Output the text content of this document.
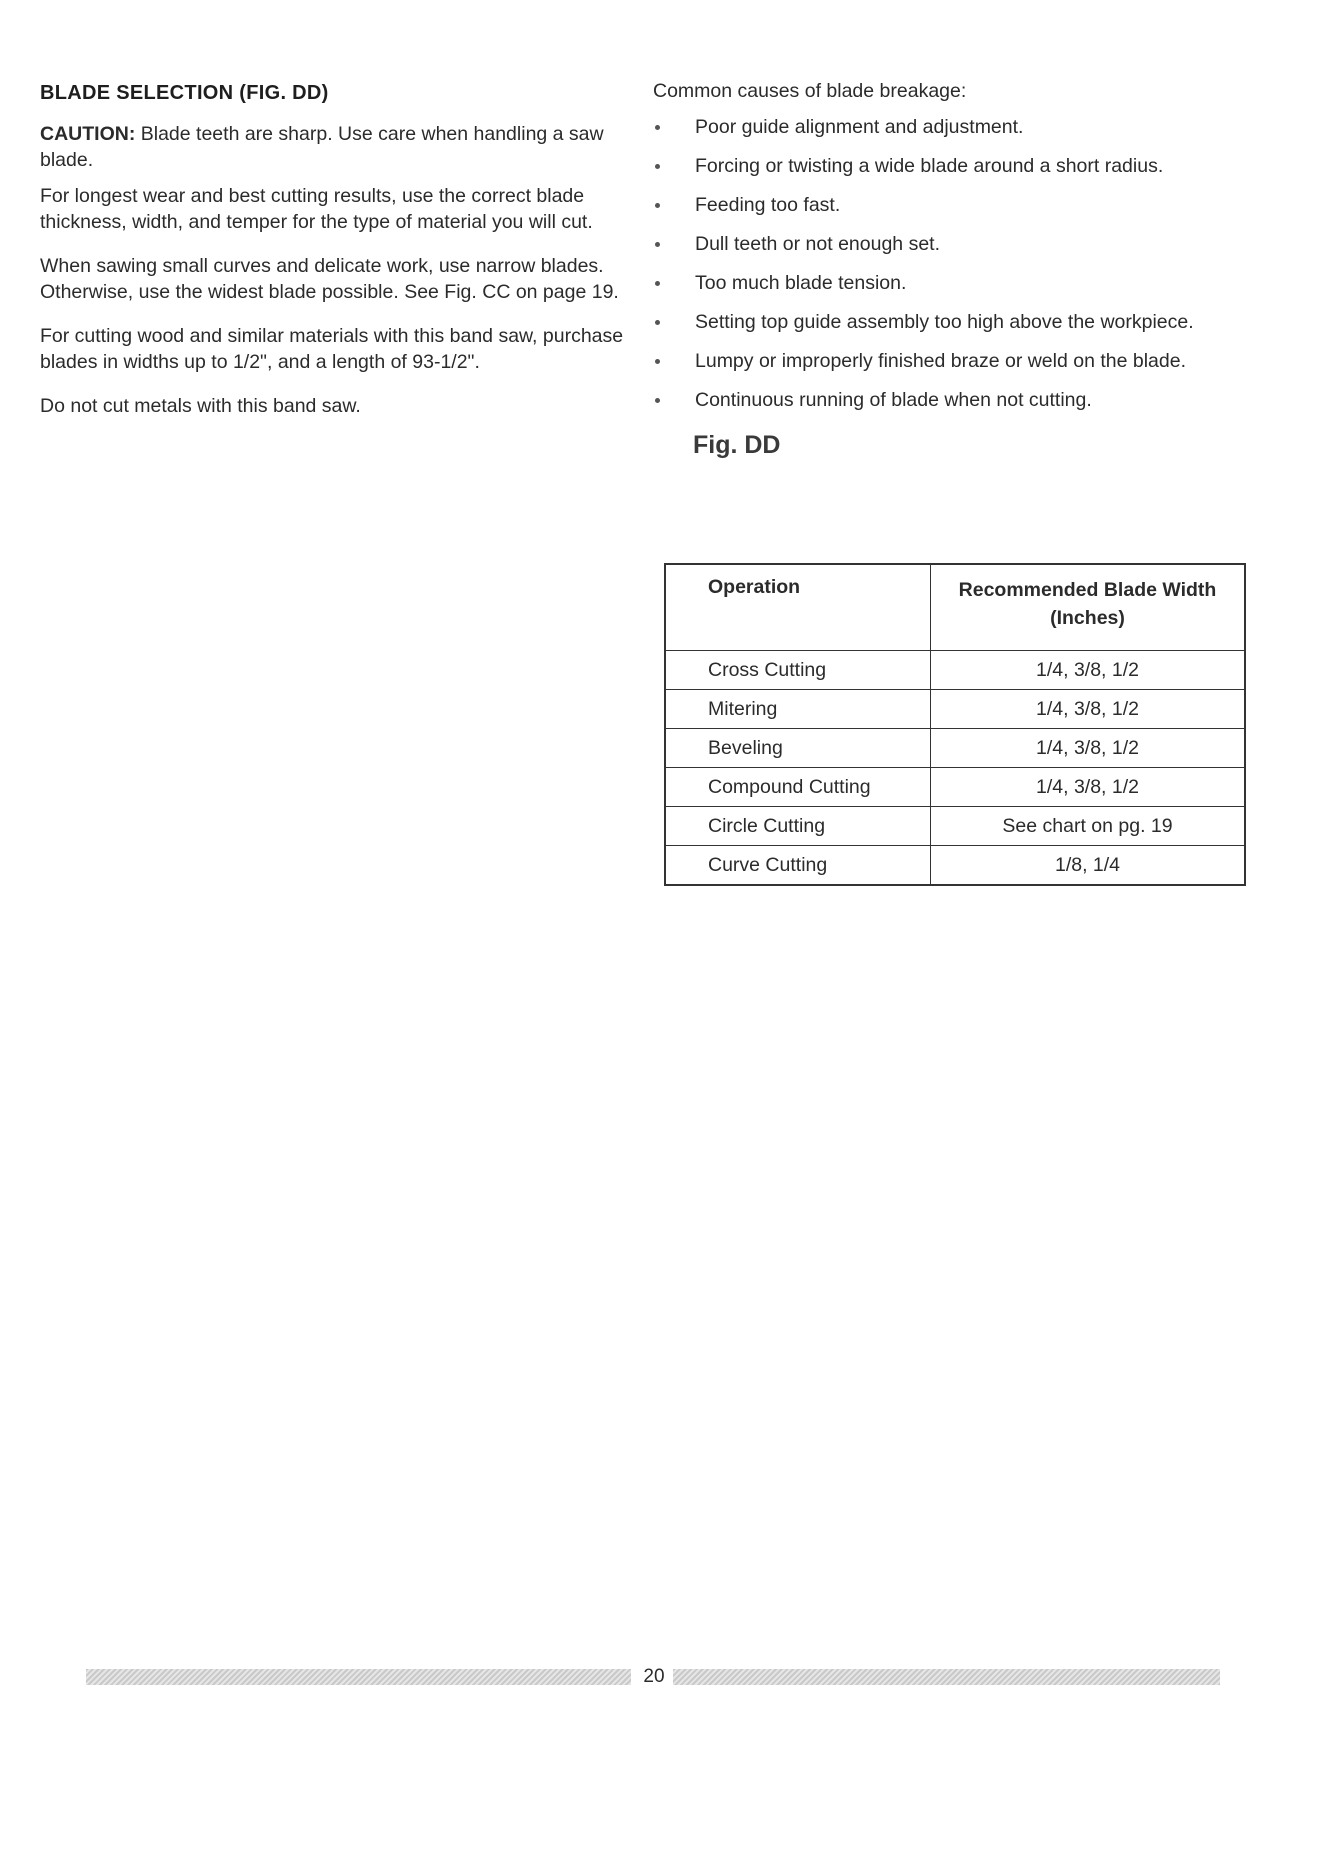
BLADE SELECTION (FIG. DD)

CAUTION: Blade teeth are sharp. Use care when handling a saw blade.

For longest wear and best cutting results, use the correct blade thickness, width, and temper for the type of material you will cut.

When sawing small curves and delicate work, use narrow blades. Otherwise, use the widest blade possible. See Fig. CC on page 19.

For cutting wood and similar materials with this band saw, purchase blades in widths up to 1/2", and a length of 93-1/2".

Do not cut metals with this band saw.

Common causes of blade breakage:

Poor guide alignment and adjustment.
Forcing or twisting a wide blade around a short radius.
Feeding too fast.
Dull teeth or not enough set.
Too much blade tension.
Setting top guide assembly too high above the workpiece.
Lumpy or improperly finished braze or weld on the blade.
Continuous running of blade when not cutting.
Fig. DD
Operation	Recommended Blade Width
(Inches)
Cross Cutting	1/4, 3/8, 1/2
Mitering	1/4, 3/8, 1/2
Beveling	1/4, 3/8, 1/2
Compound Cutting	1/4, 3/8, 1/2
Circle Cutting	See chart on pg. 19
Curve Cutting	1/8, 1/4
20
